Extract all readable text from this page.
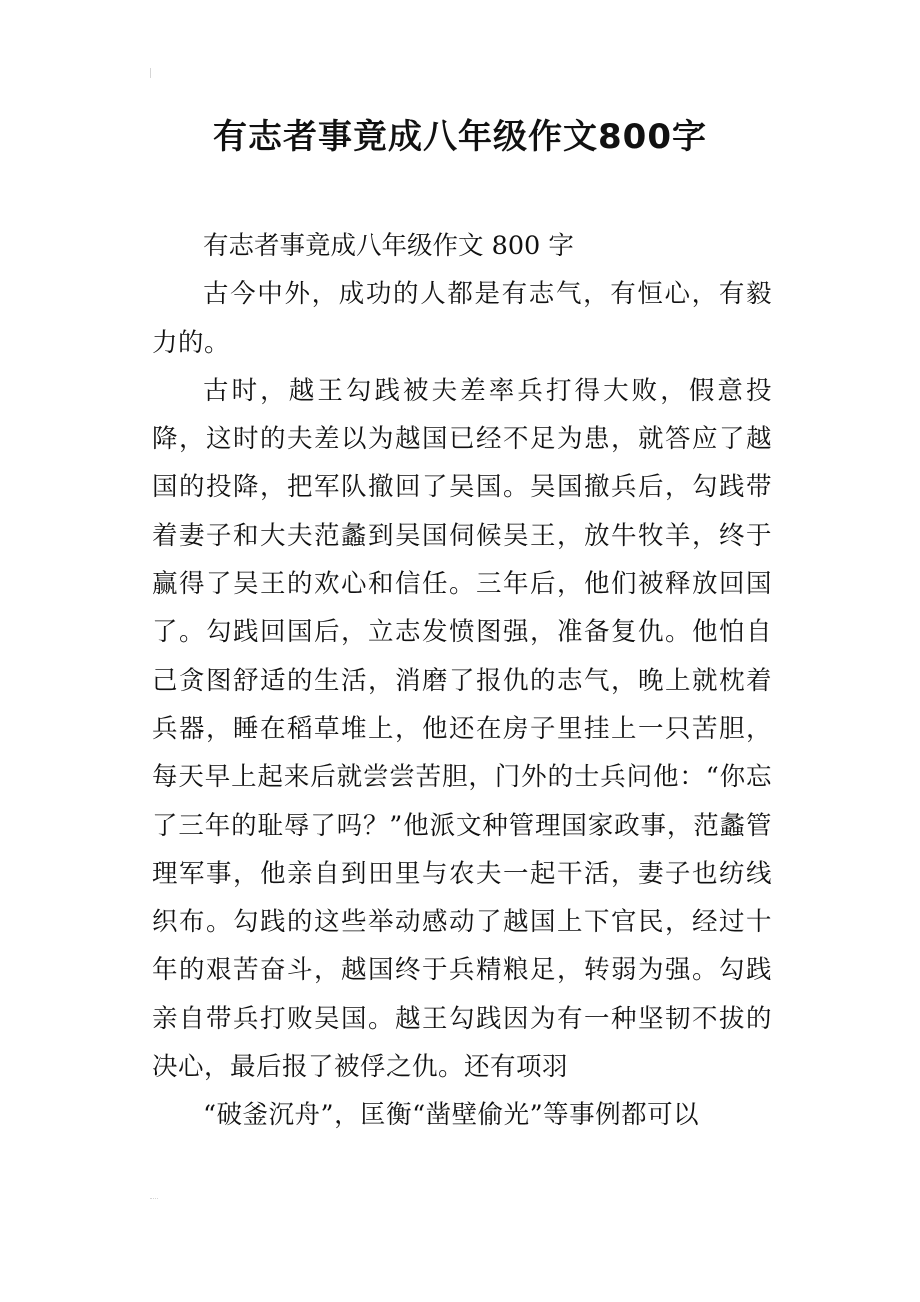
有志者事竟成八年级作文800字

有志者事竟成八年级作文 800 字

古今中外，成功的人都是有志气，有恒心，有毅力的。

古时，越王勾践被夫差率兵打得大败，假意投降，这时的夫差以为越国已经不足为患，就答应了越国的投降，把军队撤回了吴国。吴国撤兵后，勾践带着妻子和大夫范蠡到吴国伺候吴王，放牛牧羊，终于赢得了吴王的欢心和信任。三年后，他们被释放回国了。勾践回国后，立志发愤图强，准备复仇。他怕自己贪图舒适的生活，消磨了报仇的志气，晚上就枕着兵器，睡在稻草堆上，他还在房子里挂上一只苦胆，每天早上起来后就尝尝苦胆，门外的士兵问他：“你忘了三年的耻辱了吗？”他派文种管理国家政事，范蠡管理军事，他亲自到田里与农夫一起干活，妻子也纺线织布。勾践的这些举动感动了越国上下官民，经过十年的艰苦奋斗，越国终于兵精粮足，转弱为强。勾践亲自带兵打败吴国。越王勾践因为有一种坚韧不拔的决心，最后报了被俘之仇。还有项羽

“破釜沉舟”，匡衡“凿壁偷光”等事例都可以
